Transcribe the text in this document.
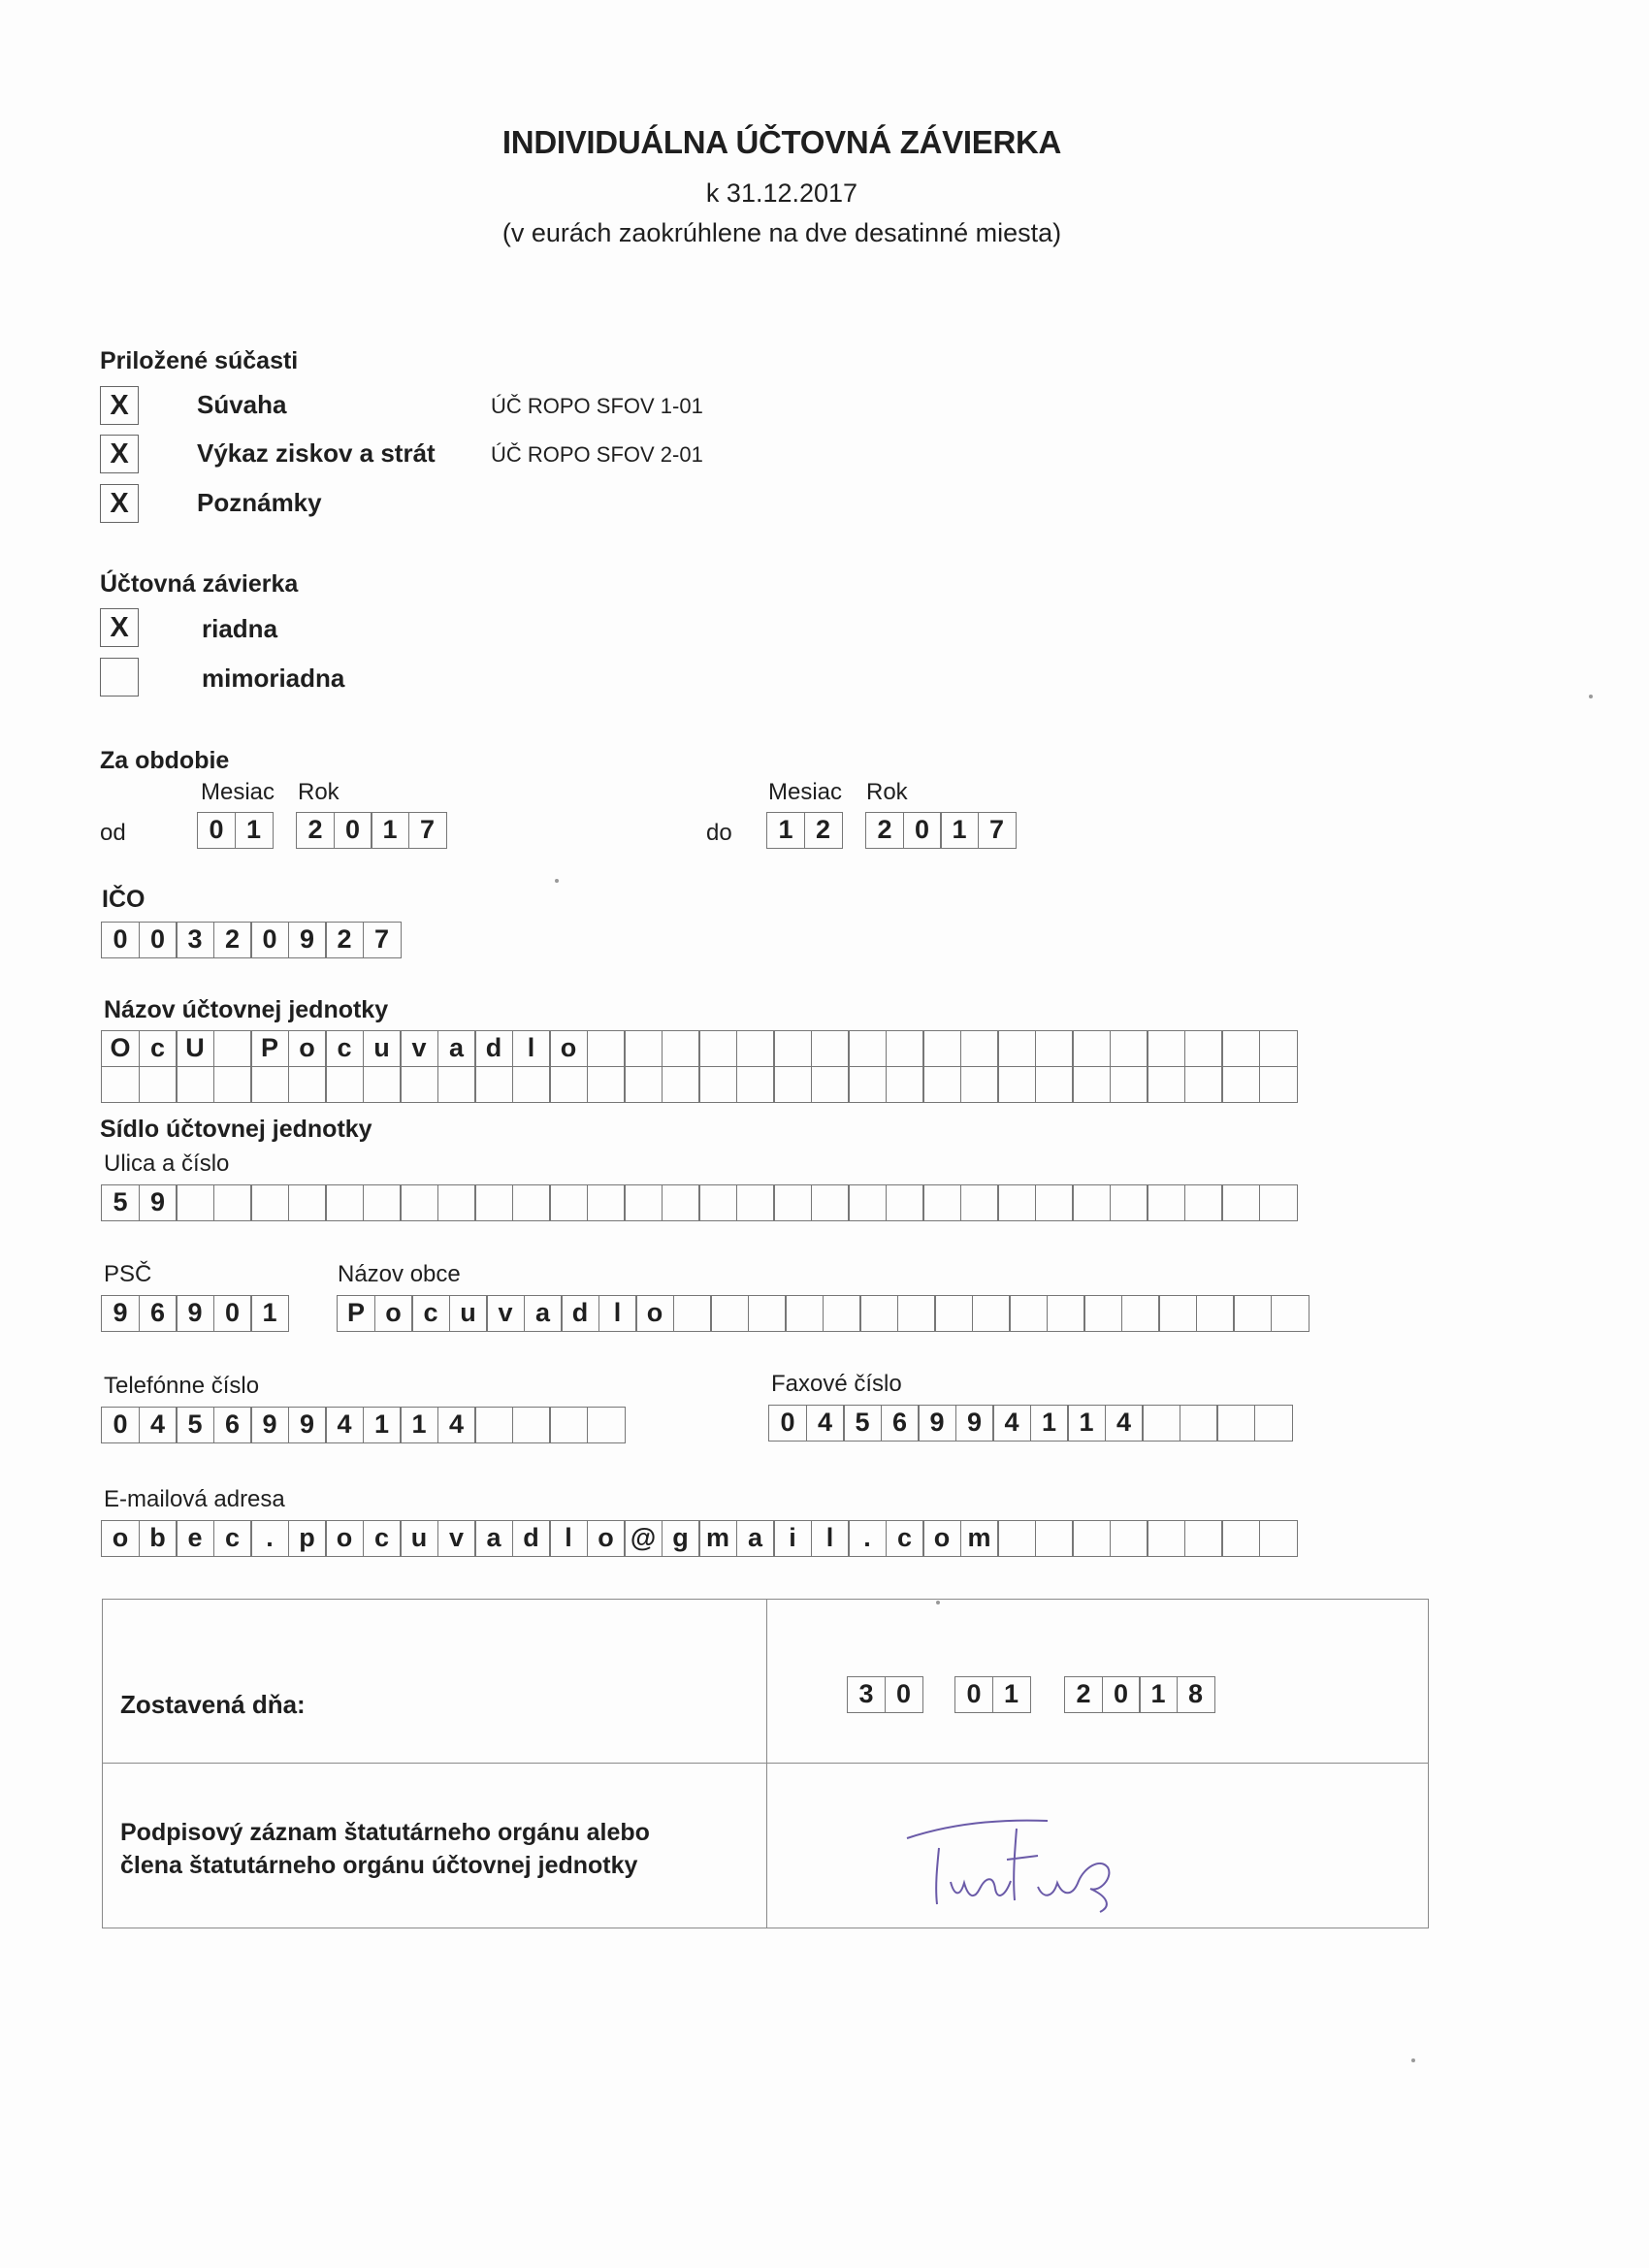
INDIVIDUÁLNA ÚČTOVNÁ ZÁVIERKA
k 31.12.2017
(v eurách zaokrúhlene na dve desatinné miesta)
Priložené súčasti
X	Súvaha	ÚČ ROPO SFOV 1-01
X	Výkaz ziskov a strát	ÚČ ROPO SFOV 2-01
X	Poznámky
Účtovná závierka
X	riadna
mimoriadna
Za obdobie
Mesiac Rok
od	0 1	2 0 1 7
Mesiac Rok
do	1 2	2 0 1 7
IČO
0 0 3 2 0 9 2 7
Názov účtovnej jednotky
O c U	P o c u v a d l o
Sídlo účtovnej jednotky
Ulica a číslo
5 9
PSČ
9 6 9 0 1
Názov obce
P o c u v a d l o
Telefónne číslo
0 4 5 6 9 9 4 1 1 4
Faxové číslo
0 4 5 6 9 9 4 1 1 4
E-mailová adresa
o b e c	. p o c u v a d l o @ g m a	i	l	.	c o m
Zostavená dňa:	3 0	0 1	2 0 1 8
Podpisový záznam štatutárneho orgánu alebo
člena štatutárneho orgánu účtovnej jednotky
